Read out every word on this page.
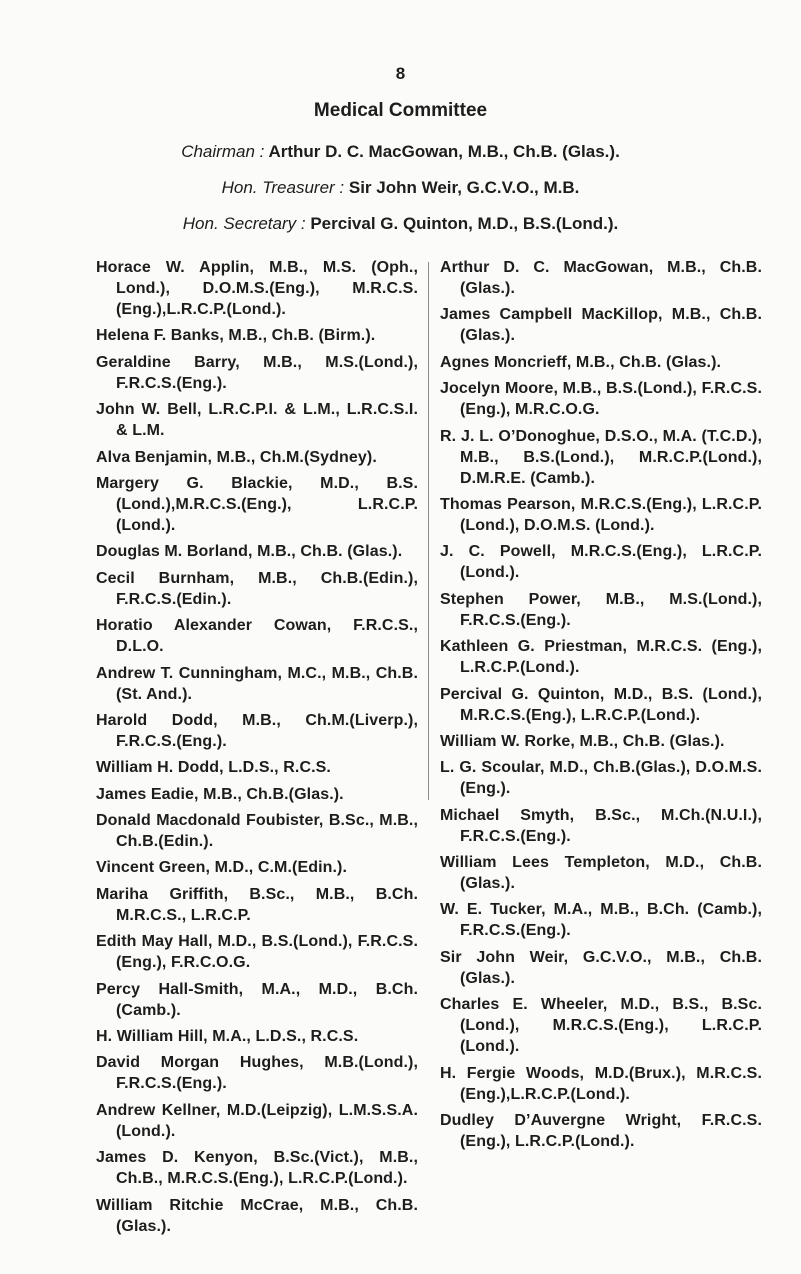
8
Medical Committee
Chairman : Arthur D. C. MacGowan, M.B., Ch.B. (Glas.).
Hon. Treasurer : Sir John Weir, G.C.V.O., M.B.
Hon. Secretary : Percival G. Quinton, M.D., B.S.(Lond.).
Horace W. Applin, M.B., M.S. (Oph., Lond.), D.O.M.S.(Eng.), M.R.C.S.(Eng.),L.R.C.P.(Lond.).
Helena F. Banks, M.B., Ch.B. (Birm.).
Geraldine Barry, M.B., M.S.(Lond.), F.R.C.S.(Eng.).
John W. Bell, L.R.C.P.I. & L.M., L.R.C.S.I. & L.M.
Alva Benjamin, M.B., Ch.M.(Sydney).
Margery G. Blackie, M.D., B.S. (Lond.),M.R.C.S.(Eng.), L.R.C.P. (Lond.).
Douglas M. Borland, M.B., Ch.B. (Glas.).
Cecil Burnham, M.B., Ch.B.(Edin.), F.R.C.S.(Edin.).
Horatio Alexander Cowan, F.R.C.S., D.L.O.
Andrew T. Cunningham, M.C., M.B., Ch.B.(St. And.).
Harold Dodd, M.B., Ch.M.(Liverp.), F.R.C.S.(Eng.).
William H. Dodd, L.D.S., R.C.S.
James Eadie, M.B., Ch.B.(Glas.).
Donald Macdonald Foubister, B.Sc., M.B., Ch.B.(Edin.).
Vincent Green, M.D., C.M.(Edin.).
Mariha Griffith, B.Sc., M.B., B.Ch. M.R.C.S., L.R.C.P.
Edith May Hall, M.D., B.S.(Lond.), F.R.C.S.(Eng.), F.R.C.O.G.
Percy Hall-Smith, M.A., M.D., B.Ch.(Camb.).
H. William Hill, M.A., L.D.S., R.C.S.
David Morgan Hughes, M.B.(Lond.), F.R.C.S.(Eng.).
Andrew Kellner, M.D.(Leipzig), L.M.S.S.A.(Lond.).
James D. Kenyon, B.Sc.(Vict.), M.B., Ch.B., M.R.C.S.(Eng.), L.R.C.P.(Lond.).
William Ritchie McCrae, M.B., Ch.B. (Glas.).
Arthur D. C. MacGowan, M.B., Ch.B.(Glas.).
James Campbell MacKillop, M.B., Ch.B.(Glas.).
Agnes Moncrieff, M.B., Ch.B. (Glas.).
Jocelyn Moore, M.B., B.S.(Lond.), F.R.C.S.(Eng.), M.R.C.O.G.
R. J. L. O’Donoghue, D.S.O., M.A. (T.C.D.), M.B., B.S.(Lond.), M.R.C.P.(Lond.), D.M.R.E. (Camb.).
Thomas Pearson, M.R.C.S.(Eng.), L.R.C.P.(Lond.), D.O.M.S. (Lond.).
J. C. Powell, M.R.C.S.(Eng.), L.R.C.P.(Lond.).
Stephen Power, M.B., M.S.(Lond.), F.R.C.S.(Eng.).
Kathleen G. Priestman, M.R.C.S. (Eng.), L.R.C.P.(Lond.).
Percival G. Quinton, M.D., B.S. (Lond.), M.R.C.S.(Eng.), L.R.C.P.(Lond.).
William W. Rorke, M.B., Ch.B. (Glas.).
L. G. Scoular, M.D., Ch.B.(Glas.), D.O.M.S.(Eng.).
Michael Smyth, B.Sc., M.Ch.(N.U.I.), F.R.C.S.(Eng.).
William Lees Templeton, M.D., Ch.B.(Glas.).
W. E. Tucker, M.A., M.B., B.Ch. (Camb.), F.R.C.S.(Eng.).
Sir John Weir, G.C.V.O., M.B., Ch.B.(Glas.).
Charles E. Wheeler, M.D., B.S., B.Sc.(Lond.), M.R.C.S.(Eng.), L.R.C.P.(Lond.).
H. Fergie Woods, M.D.(Brux.), M.R.C.S.(Eng.),L.R.C.P.(Lond.).
Dudley D’Auvergne Wright, F.R.C.S. (Eng.), L.R.C.P.(Lond.).
